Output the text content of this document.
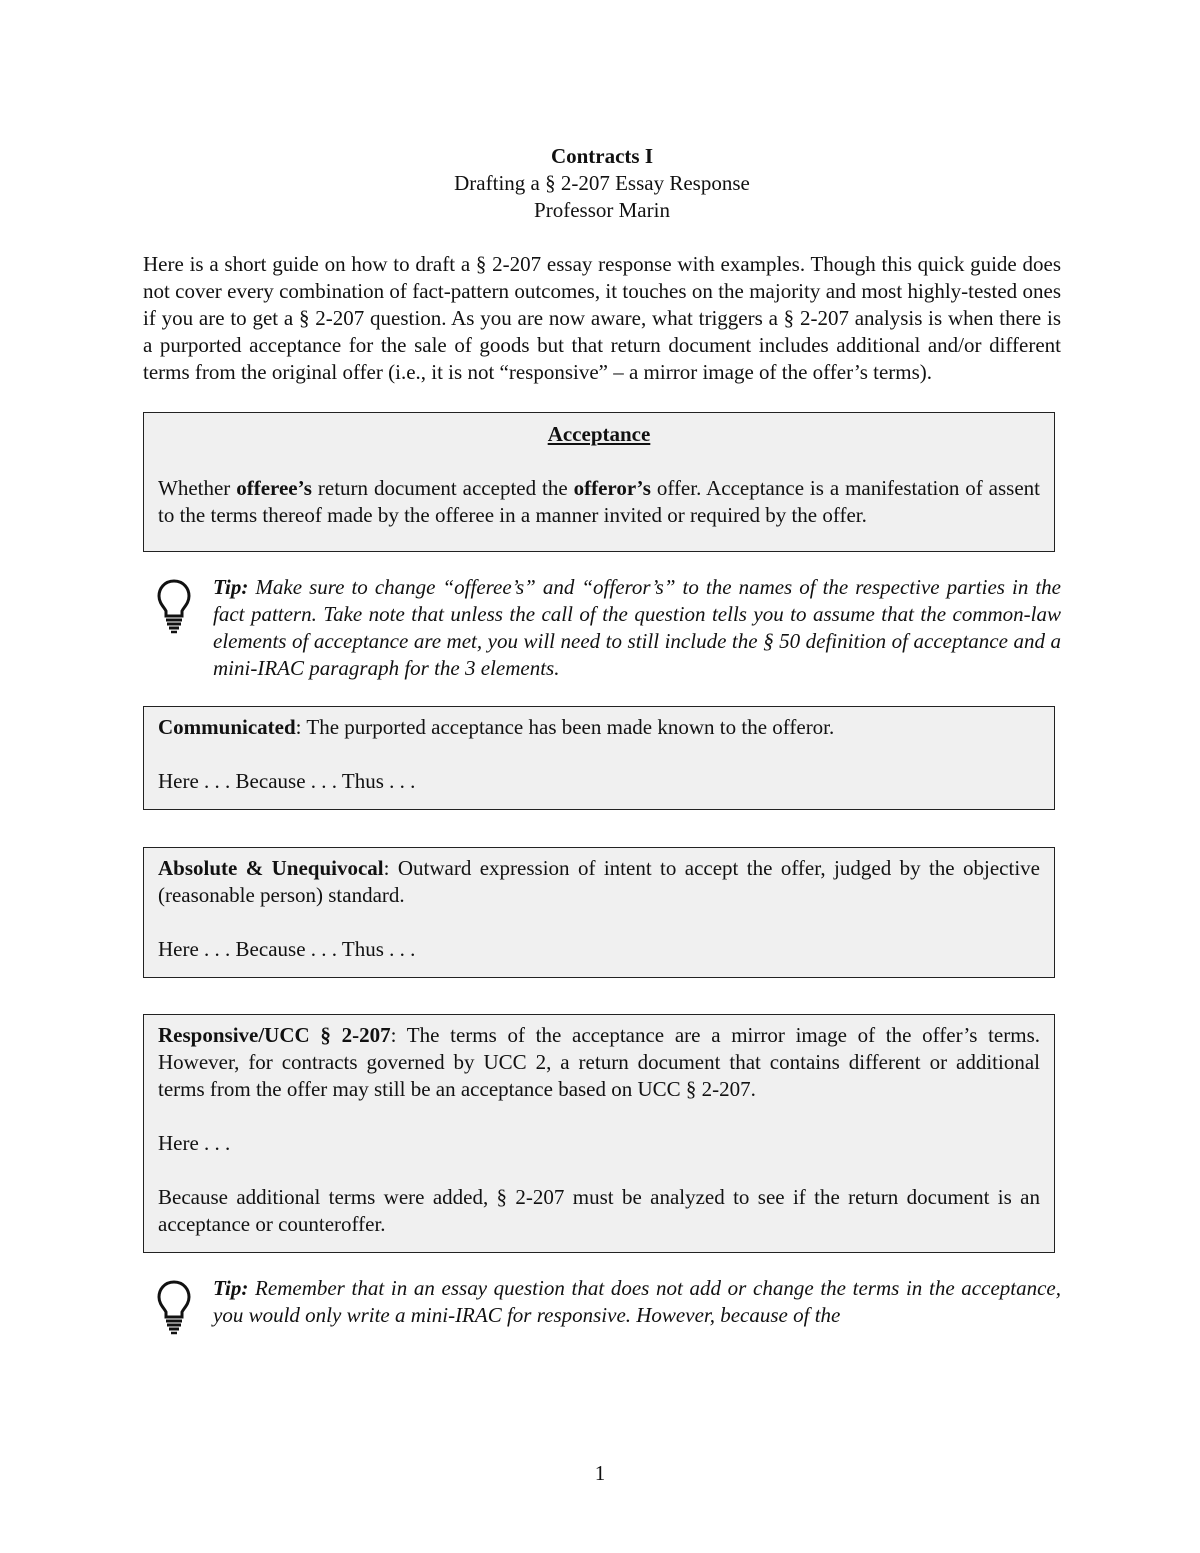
Contracts I
Drafting a § 2-207 Essay Response
Professor Marin

Here is a short guide on how to draft a § 2-207 essay response with examples. Though this quick guide does not cover every combination of fact-pattern outcomes, it touches on the majority and most highly-tested ones if you are to get a § 2-207 question. As you are now aware, what triggers a § 2-207 analysis is when there is a purported acceptance for the sale of goods but that return document includes additional and/or different terms from the original offer (i.e., it is not “responsive” – a mirror image of the offer’s terms).

Acceptance

Whether offeree’s return document accepted the offeror’s offer. Acceptance is a manifestation of assent to the terms thereof made by the offeree in a manner invited or required by the offer.

Tip: Make sure to change “offeree’s” and “offeror’s” to the names of the respective parties in the fact pattern. Take note that unless the call of the question tells you to assume that the common-law elements of acceptance are met, you will need to still include the § 50 definition of acceptance and a mini-IRAC paragraph for the 3 elements.

Communicated: The purported acceptance has been made known to the offeror.

Here . . . Because . . . Thus . . .

Absolute & Unequivocal: Outward expression of intent to accept the offer, judged by the objective (reasonable person) standard.

Here . . . Because . . . Thus . . .

Responsive/UCC § 2-207: The terms of the acceptance are a mirror image of the offer’s terms. However, for contracts governed by UCC 2, a return document that contains different or additional terms from the offer may still be an acceptance based on UCC § 2-207.

Here . . .

Because additional terms were added, § 2-207 must be analyzed to see if the return document is an acceptance or counteroffer.

Tip: Remember that in an essay question that does not add or change the terms in the acceptance, you would only write a mini-IRAC for responsive. However, because of the

1
